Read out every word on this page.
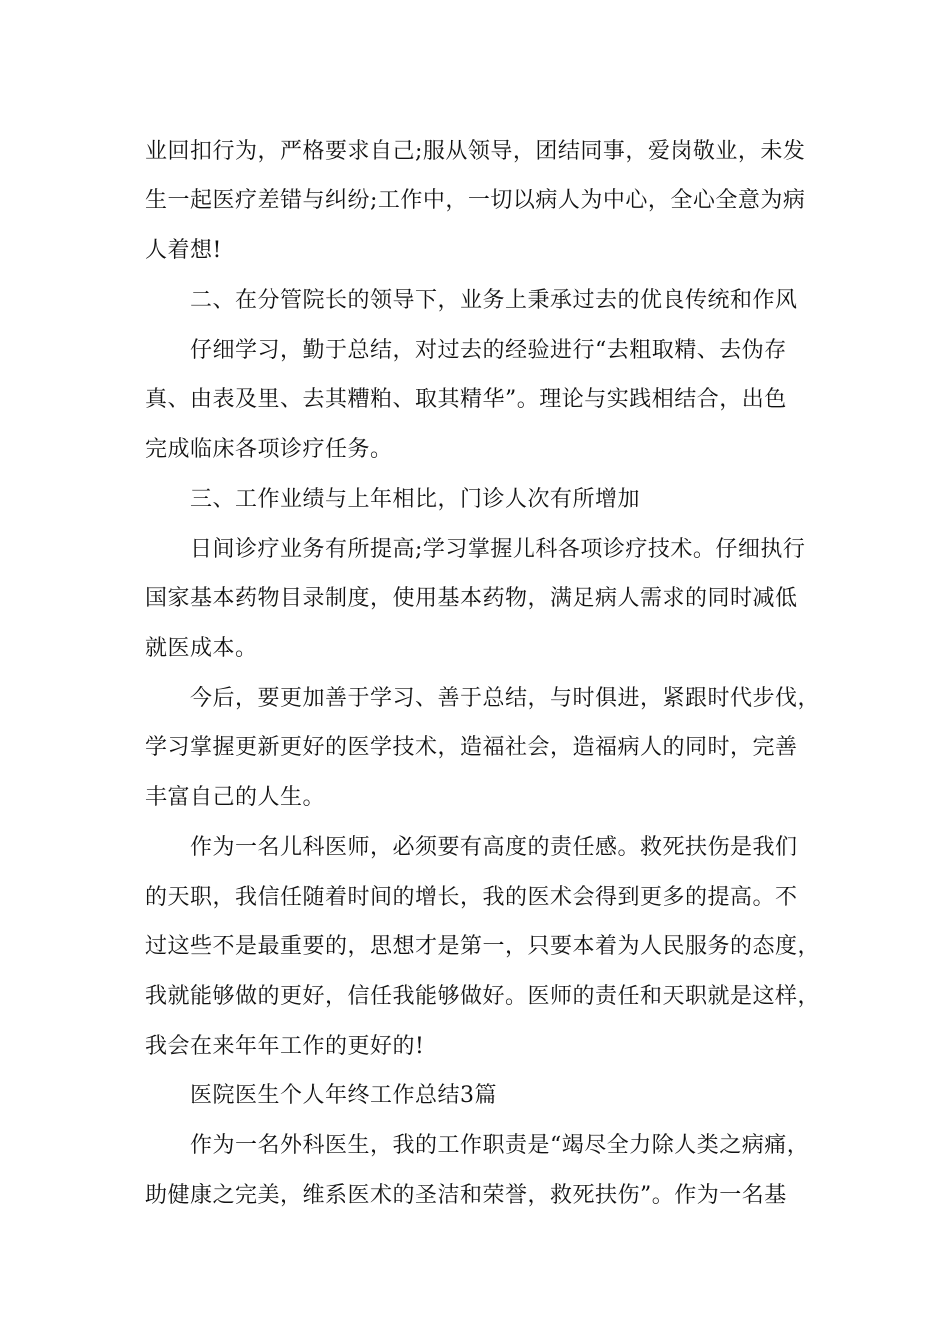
业回扣行为，严格要求自己;服从领导，团结同事，爱岗敬业，未发
生一起医疗差错与纠纷;工作中，一切以病人为中心，全心全意为病
人着想!
二、在分管院长的领导下，业务上秉承过去的优良传统和作风
仔细学习，勤于总结，对过去的经验进行“去粗取精、去伪存
真、由表及里、去其糟粕、取其精华”。理论与实践相结合，出色
完成临床各项诊疗任务。
三、工作业绩与上年相比，门诊人次有所增加
日间诊疗业务有所提高;学习掌握儿科各项诊疗技术。仔细执行
国家基本药物目录制度，使用基本药物，满足病人需求的同时减低
就医成本。
今后，要更加善于学习、善于总结，与时俱进，紧跟时代步伐，
学习掌握更新更好的医学技术，造福社会，造福病人的同时，完善
丰富自己的人生。
作为一名儿科医师，必须要有高度的责任感。救死扶伤是我们
的天职，我信任随着时间的增长，我的医术会得到更多的提高。不
过这些不是最重要的，思想才是第一，只要本着为人民服务的态度，
我就能够做的更好，信任我能够做好。医师的责任和天职就是这样，
我会在来年年工作的更好的!
医院医生个人年终工作总结3篇
作为一名外科医生，我的工作职责是“竭尽全力除人类之病痛，
助健康之完美，维系医术的圣洁和荣誉，救死扶伤”。作为一名基
